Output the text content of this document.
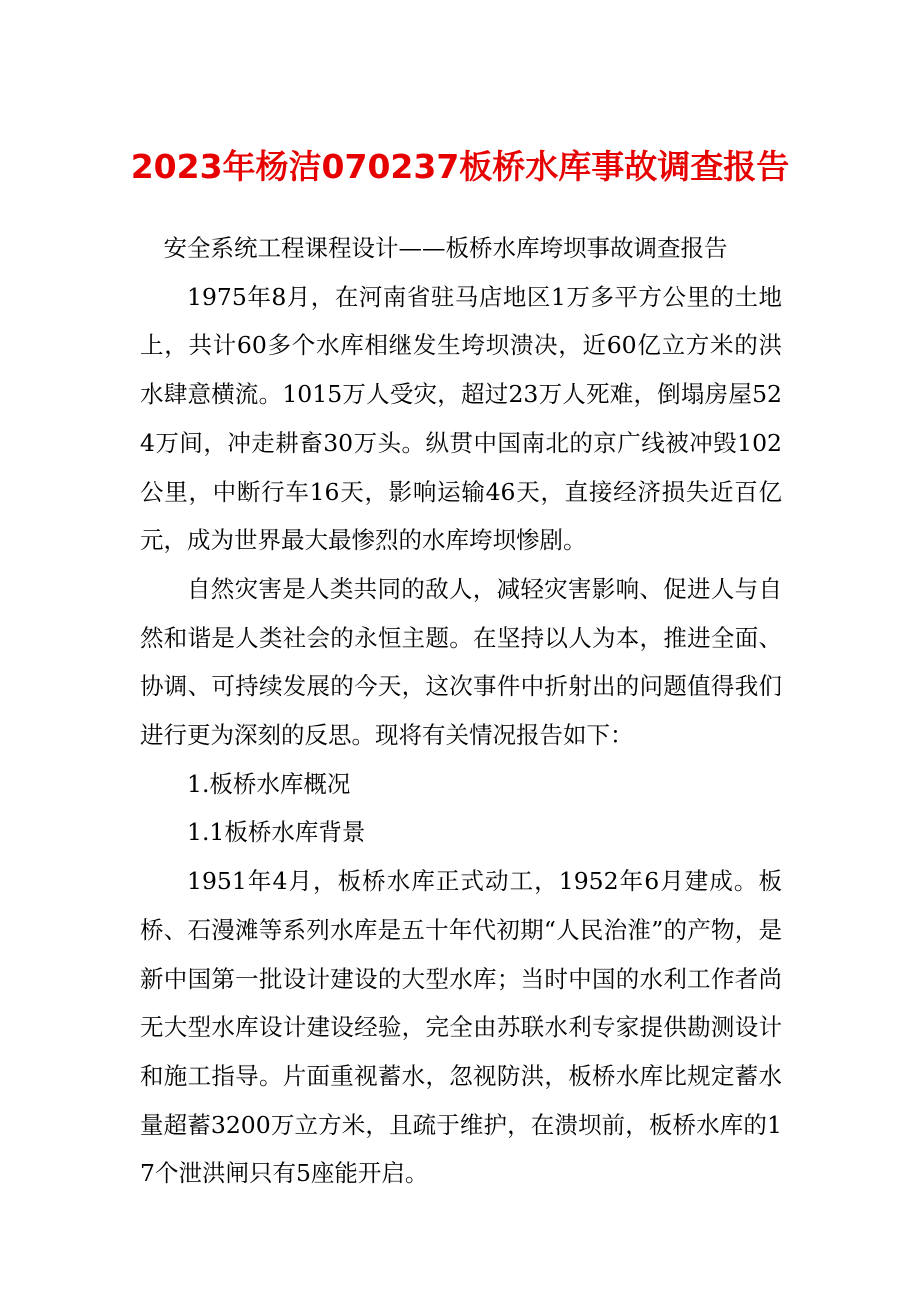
2023年杨洁070237板桥水库事故调查报告

安全系统工程课程设计——板桥水库垮坝事故调查报告

1975年8月，在河南省驻马店地区1万多平方公里的土地上，共计60多个水库相继发生垮坝溃决，近60亿立方米的洪水肆意横流。1015万人受灾，超过23万人死难，倒塌房屋524万间，冲走耕畜30万头。纵贯中国南北的京广线被冲毁102公里，中断行车16天，影响运输46天，直接经济损失近百亿元，成为世界最大最惨烈的水库垮坝惨剧。

自然灾害是人类共同的敌人，减轻灾害影响、促进人与自然和谐是人类社会的永恒主题。在坚持以人为本，推进全面、协调、可持续发展的今天，这次事件中折射出的问题值得我们进行更为深刻的反思。现将有关情况报告如下：

1.板桥水库概况

1.1板桥水库背景

1951年4月，板桥水库正式动工，1952年6月建成。板桥、石漫滩等系列水库是五十年代初期“人民治淮”的产物，是新中国第一批设计建设的大型水库；当时中国的水利工作者尚无大型水库设计建设经验，完全由苏联水利专家提供勘测设计和施工指导。片面重视蓄水，忽视防洪，板桥水库比规定蓄水量超蓄3200万立方米，且疏于维护，在溃坝前，板桥水库的17个泄洪闸只有5座能开启。
